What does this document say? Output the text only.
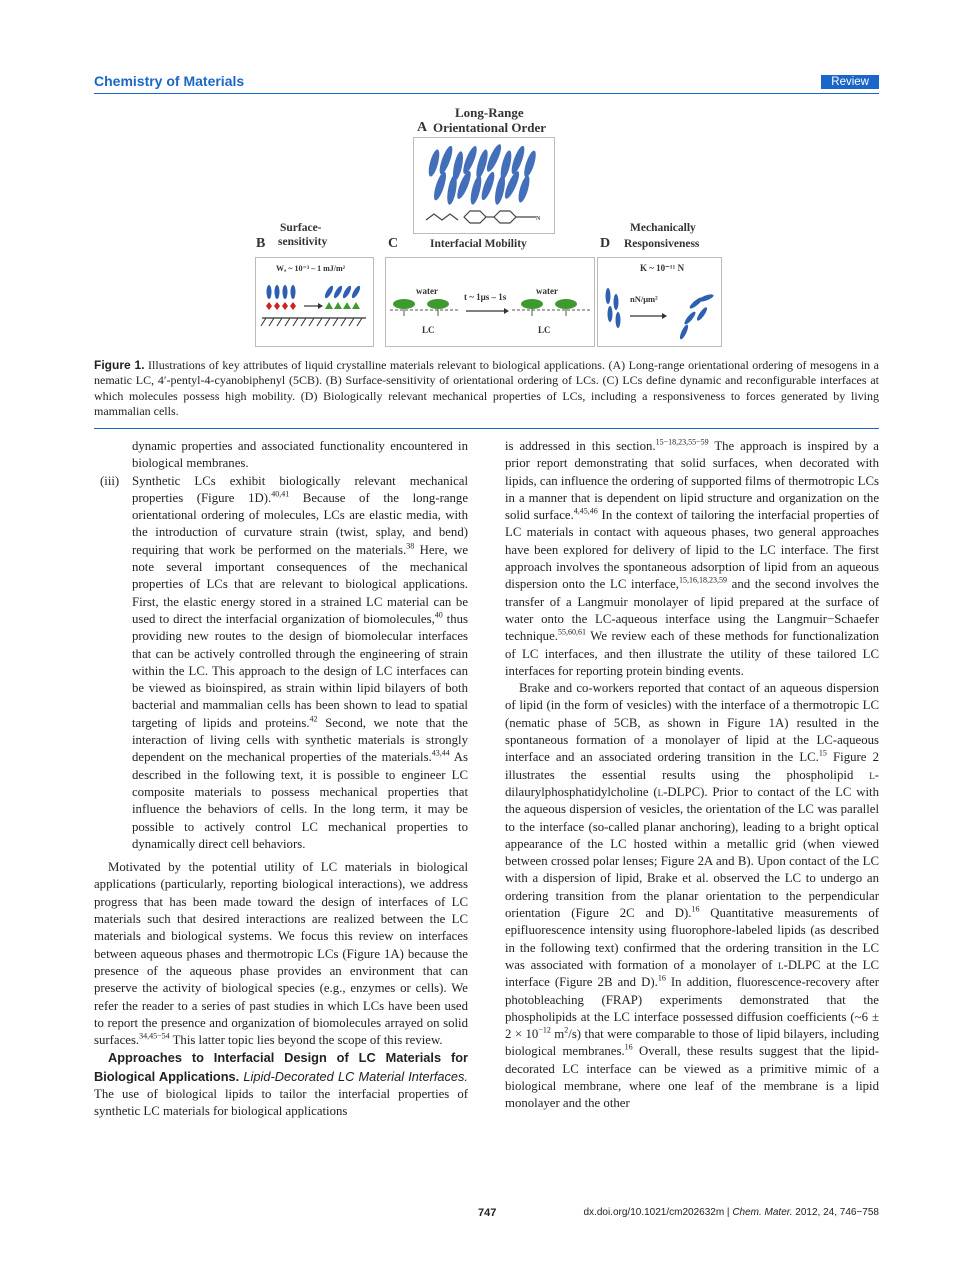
Chemistry of Materials	Review
Long-Range
A Orientational Order
N
Surface-
sensitivity
B
Wₐ ~ 10⁻³ – 1 mJ/m²
C	Interfacial Mobility
water	water
t ~ 1μs – 1s
LC	LC
Mechanically
D Responsiveness
K ~ 10⁻¹¹ N
nN/μm²
Figure 1. Illustrations of key attributes of liquid crystalline materials relevant to biological applications. (A) Long-range orientational ordering of mesogens in a nematic LC, 4′-pentyl-4-cyanobiphenyl (5CB). (B) Surface-sensitivity of orientational ordering of LCs. (C) LCs define dynamic and reconfigurable interfaces at which molecules possess high mobility. (D) Biologically relevant mechanical properties of LCs, including a responsiveness to forces generated by living mammalian cells.

dynamic properties and associated functionality encountered in biological membranes.

(iii) Synthetic LCs exhibit biologically relevant mechanical properties (Figure 1D).$^{40,41}$ Because of the long-range orientational ordering of molecules, LCs are elastic media, with the introduction of curvature strain (twist, splay, and bend) requiring that work be performed on the materials.$^{38}$ Here, we note several important consequences of the mechanical properties of LCs that are relevant to biological applications. First, the elastic energy stored in a strained LC material can be used to direct the interfacial organization of biomolecules,$^{40}$ thus providing new routes to the design of biomolecular interfaces that can be actively controlled through the engineering of strain within the LC. This approach to the design of LC interfaces can be viewed as bioinspired, as strain within lipid bilayers of both bacterial and mammalian cells has been shown to lead to spatial targeting of lipids and proteins.$^{42}$ Second, we note that the interaction of living cells with synthetic materials is strongly dependent on the mechanical properties of the materials.$^{43,44}$ As described in the following text, it is possible to engineer LC composite materials to possess mechanical properties that influence the behaviors of cells. In the long term, it may be possible to actively control LC mechanical properties to dynamically direct cell behaviors.

Motivated by the potential utility of LC materials in biological applications (particularly, reporting biological interactions), we address progress that has been made toward the design of interfaces of LC materials such that desired interactions are realized between the LC materials and biological systems. We focus this review on interfaces between aqueous phases and thermotropic LCs (Figure 1A) because the presence of the aqueous phase provides an environment that can preserve the activity of biological species (e.g., enzymes or cells). We refer the reader to a series of past studies in which LCs have been used to report the presence and organization of biomolecules arrayed on solid surfaces.$^{34,45-54}$ This latter topic lies beyond the scope of this review.

Approaches to Interfacial Design of LC Materials for Biological Applications. Lipid-Decorated LC Material Interfaces. The use of biological lipids to tailor the interfacial properties of synthetic LC materials for biological applications

is addressed in this section.$^{15-18,23,55-59}$ The approach is inspired by a prior report demonstrating that solid surfaces, when decorated with lipids, can influence the ordering of supported films of thermotropic LCs in a manner that is dependent on lipid structure and organization on the solid surface.$^{4,45,46}$ In the context of tailoring the interfacial properties of LC materials in contact with aqueous phases, two general approaches have been explored for delivery of lipid to the LC interface. The first approach involves the spontaneous adsorption of lipid from an aqueous dispersion onto the LC interface,$^{15,16,18,23,59}$ and the second involves the transfer of a Langmuir monolayer of lipid prepared at the surface of water onto the LC-aqueous interface using the Langmuir−Schaefer technique.$^{55,60,61}$ We review each of these methods for functionalization of LC interfaces, and then illustrate the utility of these tailored LC interfaces for reporting protein binding events.

Brake and co-workers reported that contact of an aqueous dispersion of lipid (in the form of vesicles) with the interface of a thermotropic LC (nematic phase of 5CB, as shown in Figure 1A) resulted in the spontaneous formation of a monolayer of lipid at the LC-aqueous interface and an associated ordering transition in the LC.$^{15}$ Figure 2 illustrates the essential results using the phospholipid l-dilaurylphosphatidylcholine (l-DLPC). Prior to contact of the LC with the aqueous dispersion of vesicles, the orientation of the LC was parallel to the interface (so-called planar anchoring), leading to a bright optical appearance of the LC hosted within a metallic grid (when viewed between crossed polar lenses; Figure 2A and B). Upon contact of the LC with a dispersion of lipid, Brake et al. observed the LC to undergo an ordering transition from the planar orientation to the perpendicular orientation (Figure 2C and D).$^{16}$ Quantitative measurements of epifluorescence intensity using fluorophore-labeled lipids (as described in the following text) confirmed that the ordering transition in the LC was associated with formation of a monolayer of l-DLPC at the LC interface (Figure 2B and D).$^{16}$ In addition, fluorescence-recovery after photobleaching (FRAP) experiments demonstrated that the phospholipids at the LC interface possessed diffusion coefficients (~6 ± $2 \times 10^{-12}$ $m^2/s$) that were comparable to those of lipid bilayers, including biological membranes.$^{16}$ Overall, these results suggest that the lipid-decorated LC interface can be viewed as a primitive mimic of a biological membrane, where one leaf of the membrane is a lipid monolayer and the other

747	dx.doi.org/10.1021/cm202632m | Chem. Mater. 2012, 24, 746−758
